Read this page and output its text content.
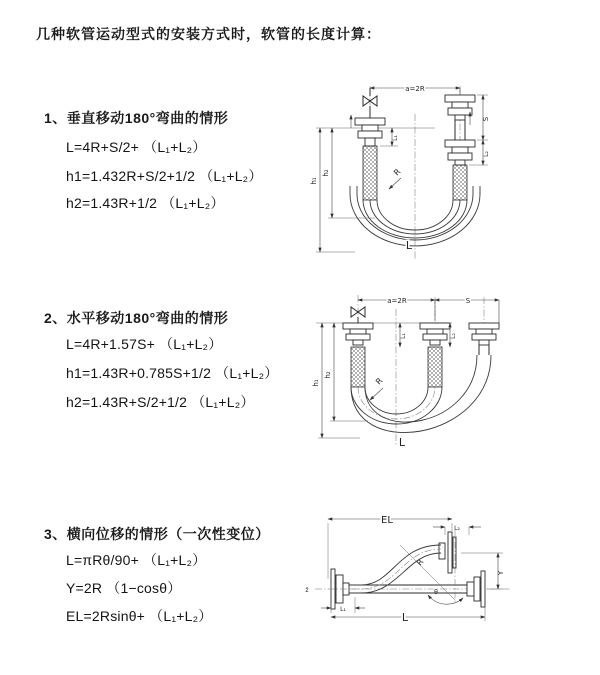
几种软管运动型式的安装方式时，软管的长度计算：
1、垂直移动180°弯曲的情形
L=4R+S/2+ （L₁+L₂）
h1=1.432R+S/2+1/2 （L₁+L₂）
h2=1.43R+1/2 （L₁+L₂）
2、水平移动180°弯曲的情形
L=4R+1.57S+ （L₁+L₂）
h1=1.43R+0.785S+1/2 （L₁+L₂）
h2=1.43R+S/2+1/2 （L₁+L₂）
3、横向位移的情形（一次性变位）
L=πRθ/90+ （L₁+L₂）
Y=2R （1−cosθ）
EL=2Rsinθ+ （L₁+L₂）
a=2R
h₁
h₂
L₁
S
L₂
R
L
a=2R	S
h₁
h₂
L₁	L₂
R
L
EL
L₂
Y
R
θ
z̄
L₁
L
